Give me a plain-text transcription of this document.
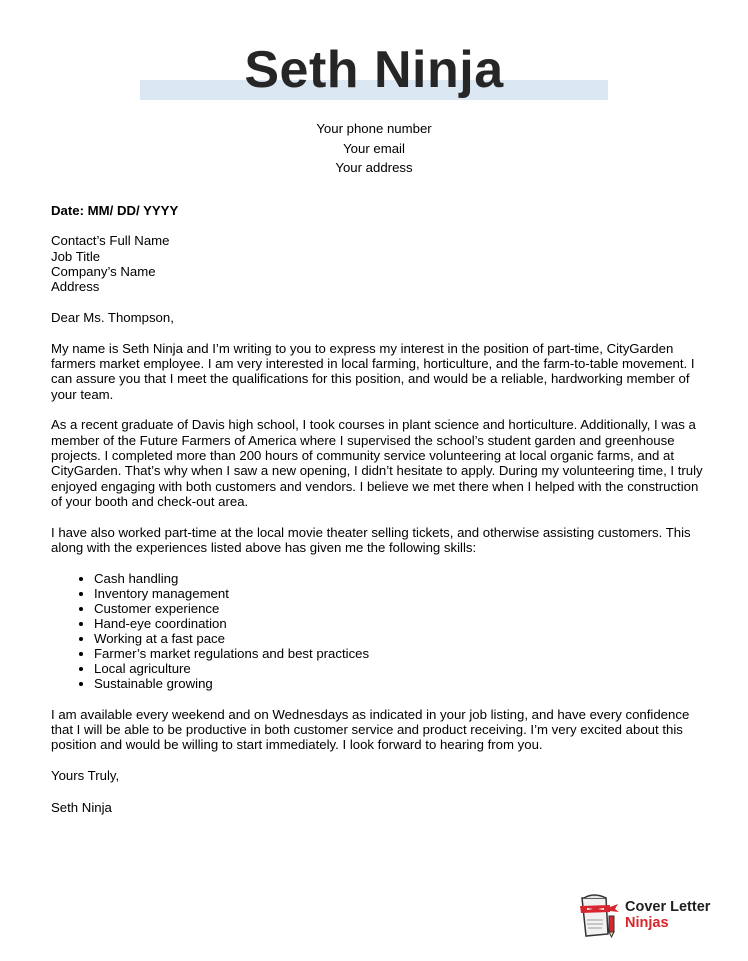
Seth Ninja
Your phone number
Your email
Your address

Date: MM/ DD/ YYYY

Contact’s Full Name

Job Title

Company’s Name

Address

Dear Ms. Thompson,

My name is Seth Ninja and I’m writing to you to express my interest in the position of part-time, CityGarden farmers market employee. I am very interested in local farming, horticulture, and the farm-to-table movement. I can assure you that I meet the qualifications for this position, and would be a reliable, hardworking member of your team.

As a recent graduate of Davis high school, I took courses in plant science and horticulture. Additionally, I was a member of the Future Farmers of America where I supervised the school’s student garden and greenhouse projects. I completed more than 200 hours of community service volunteering at local organic farms, and at CityGarden. That’s why when I saw a new opening, I didn’t hesitate to apply. During my volunteering time, I truly enjoyed engaging with both customers and vendors. I believe we met there when I helped with the construction of your booth and check-out area.

I have also worked part-time at the local movie theater selling tickets, and otherwise assisting customers. This along with the experiences listed above has given me the following skills:

• Cash handling
• Inventory management
• Customer experience
• Hand-eye coordination
• Working at a fast pace
• Farmer’s market regulations and best practices
• Local agriculture
• Sustainable growing

I am available every weekend and on Wednesdays as indicated in your job listing, and have every confidence that I will be able to be productive in both customer service and product receiving. I’m very excited about this position and would be willing to start immediately. I look forward to hearing from you.

Yours Truly,

Seth Ninja

Cover Letter
Ninjas
